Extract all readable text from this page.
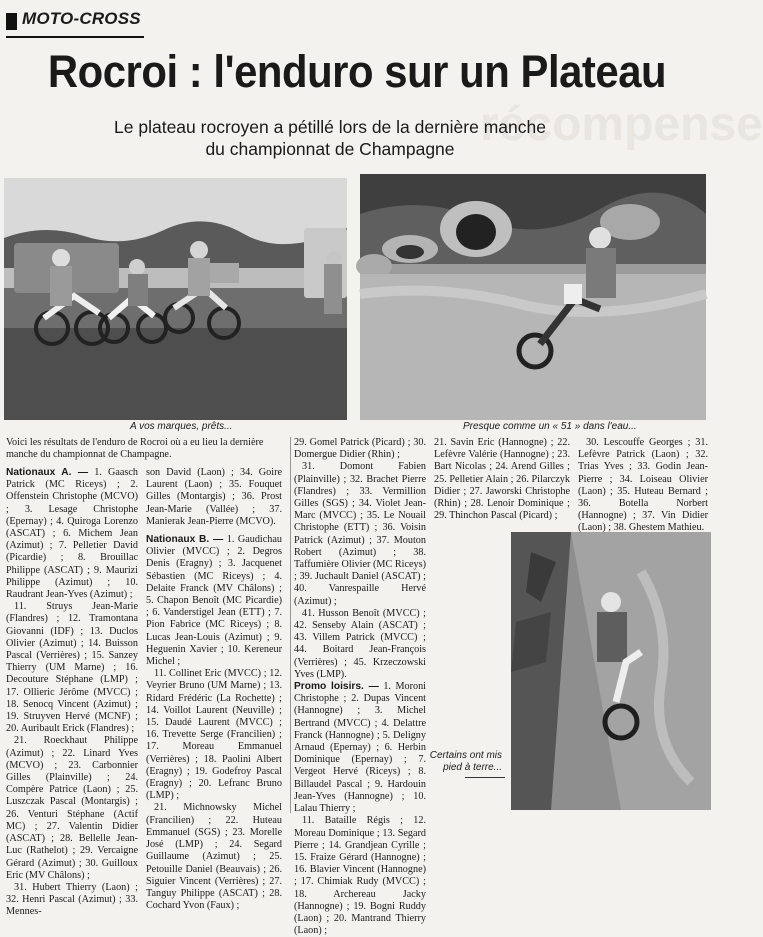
MOTO-CROSS
récompense
Rocroi : l'enduro sur un Plateau
Le plateau rocroyen a pétillé lors de la dernière manche
du championnat de Champagne
A vos marques, prêts...	Presque comme un « 51 » dans l'eau...
Certains ont mis
pied à terre...
Voici les résultats de l'enduro de Rocroi où a eu lieu la dernière manche du championnat de Champagne.

Nationaux A. — 1. Gaasch Patrick (MC Riceys) ; 2. Offenstein Christophe (MCVO) ; 3. Lesage Christophe (Epernay) ; 4. Quiroga Lorenzo (ASCAT) ; 6. Michem Jean (Azimut) ; 7. Pelletier David (Picardie) ; 8. Brouillac Philippe (ASCAT) ; 9. Maurizi Philippe (Azimut) ; 10. Raudrant Jean-Yves (Azimut) ;

11. Struys Jean-Marie (Flandres) ; 12. Tramontana Giovanni (IDF) ; 13. Duclos Olivier (Azimut) ; 14. Buisson Pascal (Verrières) ; 15. Sanzey Thierry (UM Marne) ; 16. Decouture Stéphane (LMP) ; 17. Ollieric Jérôme (MVCC) ; 18. Senocq Vincent (Azimut) ; 19. Struyven Hervé (MCNF) ; 20. Auribault Erick (Flandres) ;

21. Roeckhaut Philippe (Azimut) ; 22. Linard Yves (MCVO) ; 23. Carbonnier Gilles (Plainville) ; 24. Compère Patrice (Laon) ; 25. Luszczak Pascal (Montargis) ; 26. Venturi Stéphane (Actif MC) ; 27. Valentin Didier (ASCAT) ; 28. Bellelle Jean-Luc (Rathelot) ; 29. Vercaigne Gérard (Azimut) ; 30. Guilloux Eric (MV Châlons) ;

31. Hubert Thierry (Laon) ; 32. Henri Pascal (Azimut) ; 33. Mennes-

son David (Laon) ; 34. Goire Laurent (Laon) ; 35. Fouquet Gilles (Montargis) ; 36. Prost Jean-Marie (Vallée) ; 37. Manierak Jean-Pierre (MCVO).

Nationaux B. — 1. Gaudichau Olivier (MVCC) ; 2. Degros Denis (Eragny) ; 3. Jacquenet Sébastien (MC Riceys) ; 4. Delaite Franck (MV Châlons) ; 5. Chapon Benoît (MC Picardie) ; 6. Vanderstigel Jean (ETT) ; 7. Pion Fabrice (MC Riceys) ; 8. Lucas Jean-Louis (Azimut) ; 9. Heguenin Xavier ; 10. Kereneur Michel ;

11. Collinet Eric (MVCC) ; 12. Veyrier Bruno (UM Marne) ; 13. Ridard Frédéric (La Rochette) ; 14. Voillot Laurent (Neuville) ; 15. Daudé Laurent (MVCC) ; 16. Trevette Serge (Francilien) ; 17. Moreau Emmanuel (Verrières) ; 18. Paolini Albert (Eragny) ; 19. Godefroy Pascal (Eragny) ; 20. Lefranc Bruno (LMP) ;

21. Michnowsky Michel (Francilien) ; 22. Huteau Emmanuel (SGS) ; 23. Morelle José (LMP) ; 24. Segard Guillaume (Azimut) ; 25. Petouille Daniel (Beauvais) ; 26. Siguier Vincent (Verrières) ; 27. Tanguy Philippe (ASCAT) ; 28. Cochard Yvon (Faux) ;

29. Gomel Patrick (Picard) ; 30. Domergue Didier (Rhin) ;

31. Domont Fabien (Plainville) ; 32. Brachet Pierre (Flandres) ; 33. Vermillion Gilles (SGS) ; 34. Violet Jean-Marc (MVCC) ; 35. Le Nouail Christophe (ETT) ; 36. Voisin Patrick (Azimut) ; 37. Mouton Robert (Azimut) ; 38. Taffumière Olivier (MC Riceys) ; 39. Juchault Daniel (ASCAT) ; 40. Vanrespaille Hervé (Azimut) ;

41. Husson Benoît (MVCC) ; 42. Senseby Alain (ASCAT) ; 43. Villem Patrick (MVCC) ; 44. Boitard Jean-François (Verrières) ; 45. Krzeczowski Yves (LMP).

Promo loisirs. — 1. Moroni Christophe ; 2. Dupas Vincent (Hannogne) ; 3. Michel Bertrand (MVCC) ; 4. Delattre Franck (Hannogne) ; 5. Deligny Arnaud (Epernay) ; 6. Herbin Dominique (Epernay) ; 7. Vergeot Hervé (Riceys) ; 8. Billaudel Pascal ; 9. Hardouin Jean-Yves (Hannogne) ; 10. Lalau Thierry ;

11. Bataille Régis ; 12. Moreau Dominique ; 13. Segard Pierre ; 14. Grandjean Cyrille ; 15. Fraize Gérard (Hannogne) ; 16. Blavier Vincent (Hannogne) ; 17. Chimiak Rudy (MVCC) ; 18. Archereau Jacky (Hannogne) ; 19. Bogni Ruddy (Laon) ; 20. Mantrand Thierry (Laon) ;

21. Savin Eric (Hannogne) ; 22. Lefèvre Valérie (Hannogne) ; 23. Bart Nicolas ; 24. Arend Gilles ; 25. Pelletier Alain ; 26. Pilarczyk Didier ; 27. Jaworski Christophe (Rhin) ; 28. Lenoir Dominique ; 29. Thinchon Pascal (Picard) ;

30. Lescouffe Georges ; 31. Lefèvre Patrick (Laon) ; 32. Trias Yves ; 33. Godin Jean-Pierre ; 34. Loiseau Olivier (Laon) ; 35. Huteau Bernard ; 36. Botella Norbert (Hannogne) ; 37. Vin Didier (Laon) ; 38. Ghestem Mathieu.
